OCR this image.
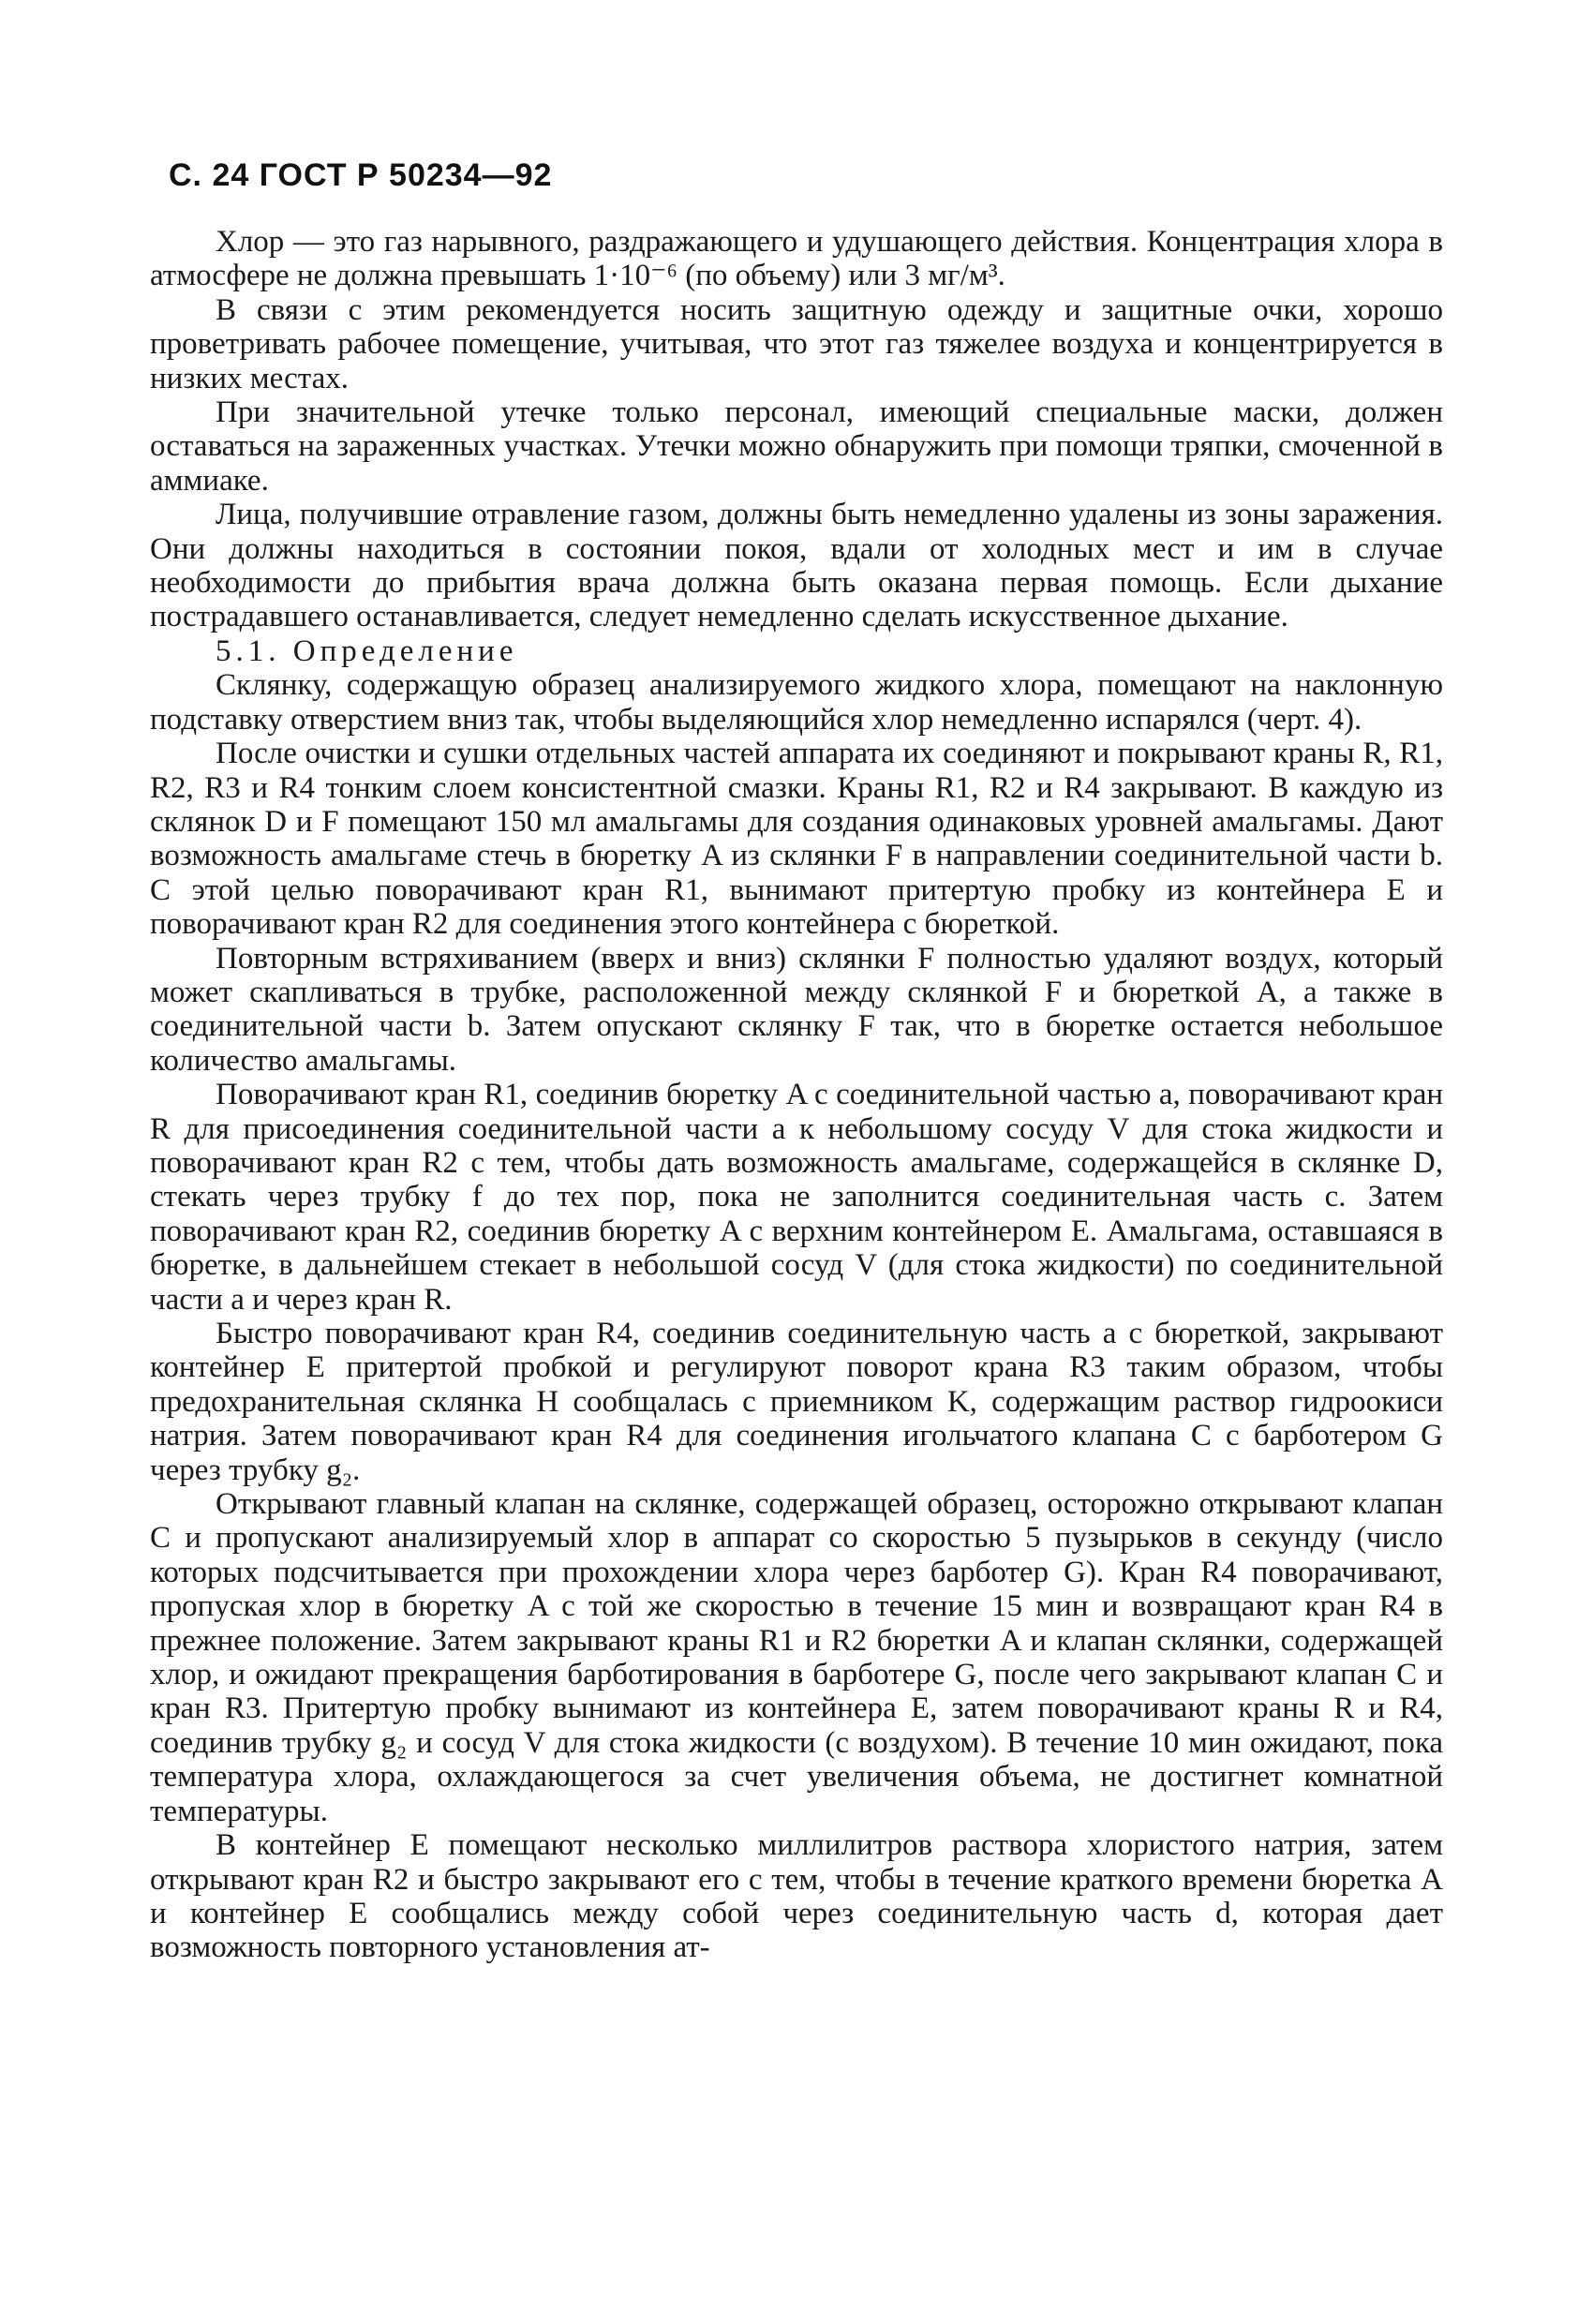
С. 24 ГОСТ Р 50234—92

Хлор — это газ нарывного, раздражающего и удушающего действия. Концентрация хлора в атмосфере не должна превышать 1·10⁻⁶ (по объему) или 3 мг/м³.

В связи с этим рекомендуется носить защитную одежду и защитные очки, хорошо проветривать рабочее помещение, учитывая, что этот газ тяжелее воздуха и концентрируется в низких местах.

При значительной утечке только персонал, имеющий специальные маски, должен оставаться на зараженных участках. Утечки можно обнаружить при помощи тряпки, смоченной в аммиаке.

Лица, получившие отравление газом, должны быть немедленно удалены из зоны заражения. Они должны находиться в состоянии покоя, вдали от холодных мест и им в случае необходимости до прибытия врача должна быть оказана первая помощь. Если дыхание пострадавшего останавливается, следует немедленно сделать искусственное дыхание.

5.1. Определение

Склянку, содержащую образец анализируемого жидкого хлора, помещают на наклонную подставку отверстием вниз так, чтобы выделяющийся хлор немедленно испарялся (черт. 4).

После очистки и сушки отдельных частей аппарата их соединяют и покрывают краны R, R1, R2, R3 и R4 тонким слоем консистентной смазки. Краны R1, R2 и R4 закрывают. В каждую из склянок D и F помещают 150 мл амальгамы для создания одинаковых уровней амальгамы. Дают возможность амальгаме стечь в бюретку A из склянки F в направлении соединительной части b. С этой целью поворачивают кран R1, вынимают притертую пробку из контейнера E и поворачивают кран R2 для соединения этого контейнера с бюреткой.

Повторным встряхиванием (вверх и вниз) склянки F полностью удаляют воздух, который может скапливаться в трубке, расположенной между склянкой F и бюреткой A, а также в соединительной части b. Затем опускают склянку F так, что в бюретке остается небольшое количество амальгамы.

Поворачивают кран R1, соединив бюретку A с соединительной частью a, поворачивают кран R для присоединения соединительной части a к небольшому сосуду V для стока жидкости и поворачивают кран R2 с тем, чтобы дать возможность амальгаме, содержащейся в склянке D, стекать через трубку f до тех пор, пока не заполнится соединительная часть c. Затем поворачивают кран R2, соединив бюретку A с верхним контейнером E. Амальгама, оставшаяся в бюретке, в дальнейшем стекает в небольшой сосуд V (для стока жидкости) по соединительной части a и через кран R.

Быстро поворачивают кран R4, соединив соединительную часть a с бюреткой, закрывают контейнер E притертой пробкой и регулируют поворот крана R3 таким образом, чтобы предохранительная склянка H сообщалась с приемником K, содержащим раствор гидроокиси натрия. Затем поворачивают кран R4 для соединения игольчатого клапана C с барботером G через трубку g₂.

Открывают главный клапан на склянке, содержащей образец, осторожно открывают клапан C и пропускают анализируемый хлор в аппарат со скоростью 5 пузырьков в секунду (число которых подсчитывается при прохождении хлора через барботер G). Кран R4 поворачивают, пропуская хлор в бюретку A с той же скоростью в течение 15 мин и возвращают кран R4 в прежнее положение. Затем закрывают краны R1 и R2 бюретки A и клапан склянки, содержащей хлор, и ожидают прекращения барботирования в барботере G, после чего закрывают клапан C и кран R3. Притертую пробку вынимают из контейнера E, затем поворачивают краны R и R4, соединив трубку g₂ и сосуд V для стока жидкости (с воздухом). В течение 10 мин ожидают, пока температура хлора, охлаждающегося за счет увеличения объема, не достигнет комнатной температуры.

В контейнер E помещают несколько миллилитров раствора хлористого натрия, затем открывают кран R2 и быстро закрывают его с тем, чтобы в течение краткого времени бюретка A и контейнер E сообщались между собой через соединительную часть d, которая дает возможность повторного установления ат-
